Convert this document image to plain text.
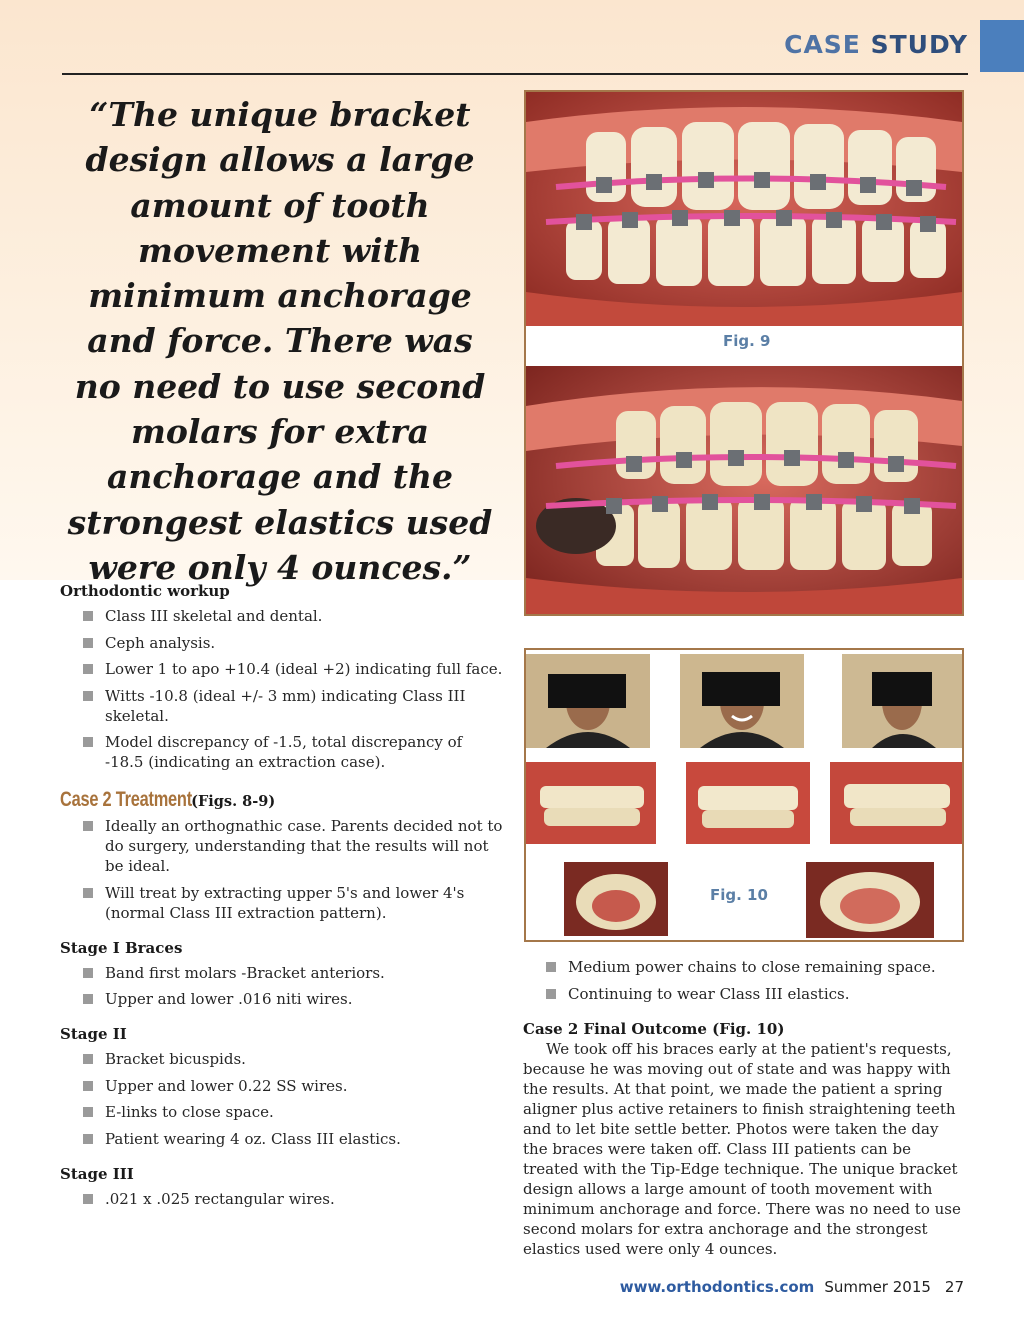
CASE STUDY
“The unique bracket design allows a large amount of tooth movement with minimum anchorage and force. There was no need to use second molars for extra anchorage and the strongest elastics used were only 4 ounces.”
Fig. 9
Fig. 10
Orthodontic workup
Class III skeletal and dental.
Ceph analysis.
Lower 1 to apo +10.4 (ideal +2) indicating full face.
Witts -10.8 (ideal +/- 3 mm) indicating Class III skeletal.
Model discrepancy of -1.5, total discrepancy of -18.5 (indicating an extraction case).
Case 2 Treatment(Figs. 8-9)
Ideally an orthognathic case. Parents decided not to do surgery, understanding that the results will not be ideal.
Will treat by extracting upper 5's and lower 4's (normal Class III extraction pattern).
Stage I Braces
Band first molars -Bracket anteriors.
Upper and lower .016 niti wires.
Stage II
Bracket bicuspids.
Upper and lower 0.22 SS wires.
E-links to close space.
Patient wearing 4 oz. Class III elastics.
Stage III
.021 x .025 rectangular wires.
Medium power chains to close remaining space.
Continuing to wear Class III elastics.
Case 2 Final Outcome (Fig. 10)

We took off his braces early at the patient's requests, because he was moving out of state and was happy with the results. At that point, we made the patient a spring aligner plus active retainers to finish straightening teeth and to let bite settle better. Photos were taken the day the braces were taken off. Class III patients can be treated with the Tip-Edge technique. The unique bracket design allows a large amount of tooth movement with minimum anchorage and force. There was no need to use second molars for extra anchorage and the strongest elastics used were only 4 ounces.

www.orthodontics.com Summer 2015 27
